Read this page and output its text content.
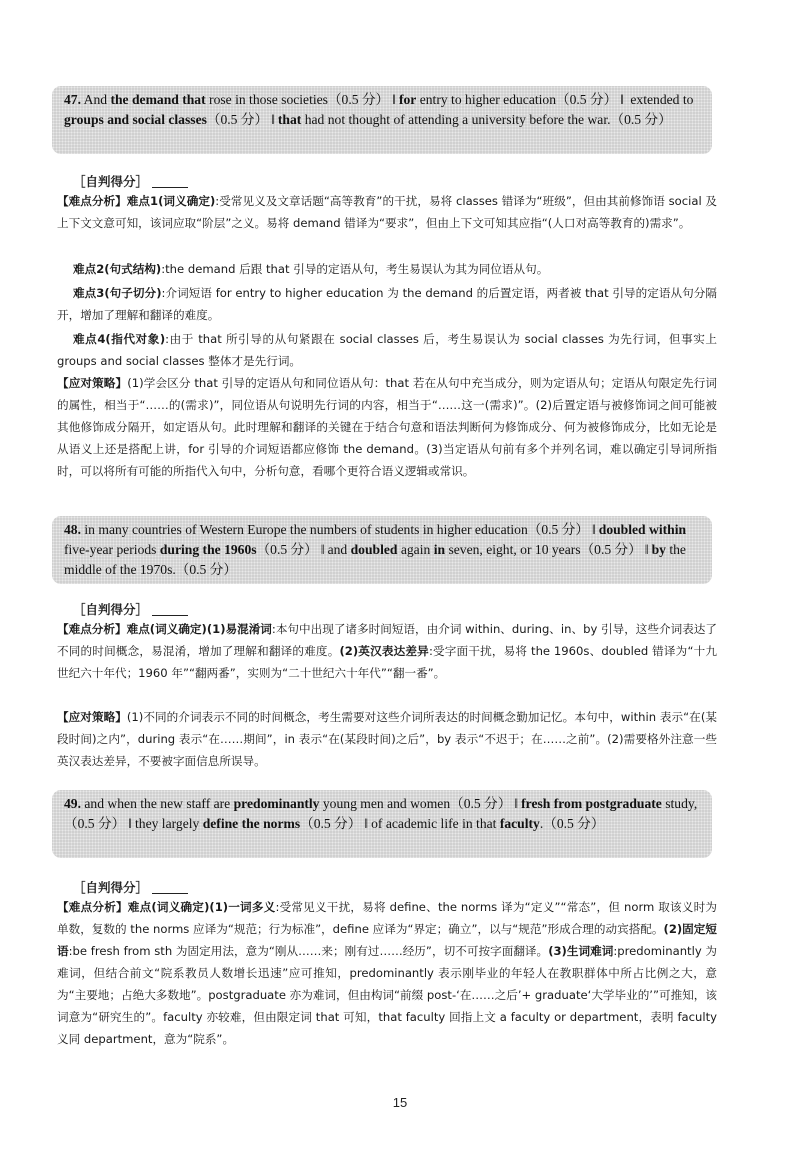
47. And the demand that rose in those societies（0.5 分） ‖ for entry to higher education（0.5 分） ‖ extended to groups and social classes（0.5 分） ‖ that had not thought of attending a university before the war.（0.5 分）
［自判得分］

【难点分析】难点1(词义确定):受常见义及文章话题“高等教育”的干扰，易将 classes 错译为“班级”，但由其前修饰语 social 及上下文文意可知，该词应取“阶层”之义。易将 demand 错译为“要求”，但由上下文可知其应指“(人口对高等教育的)需求”。

难点2(句式结构):the demand 后跟 that 引导的定语从句，考生易误认为其为同位语从句。

难点3(句子切分):介词短语 for entry to higher education 为 the demand 的后置定语，两者被 that 引导的定语从句分隔开，增加了理解和翻译的难度。

难点4(指代对象):由于 that 所引导的从句紧跟在 social classes 后，考生易误认为 social classes 为先行词，但事实上 groups and social classes 整体才是先行词。

【应对策略】(1)学会区分 that 引导的定语从句和同位语从句：that 若在从句中充当成分，则为定语从句；定语从句限定先行词的属性，相当于“……的(需求)”，同位语从句说明先行词的内容，相当于“……这一(需求)”。(2)后置定语与被修饰词之间可能被其他修饰成分隔开，如定语从句。此时理解和翻译的关键在于结合句意和语法判断何为修饰成分、何为被修饰成分，比如无论是从语义上还是搭配上讲，for 引导的介词短语都应修饰 the demand。(3)当定语从句前有多个并列名词，难以确定引导词所指时，可以将所有可能的所指代入句中，分析句意，看哪个更符合语义逻辑或常识。

48. in many countries of Western Europe the numbers of students in higher education（0.5 分） ‖ doubled within five-year periods during the 1960s（0.5 分） ‖ and doubled again in seven, eight, or 10 years（0.5 分） ‖ by the middle of the 1970s.（0.5 分）
［自判得分］

【难点分析】难点(词义确定)(1)易混淆词:本句中出现了诸多时间短语，由介词 within、during、in、by 引导，这些介词表达了不同的时间概念，易混淆，增加了理解和翻译的难度。(2)英汉表达差异:受字面干扰，易将 the 1960s、doubled 错译为“十九世纪六十年代；1960 年”“翻两番”，实则为“二十世纪六十年代”“翻一番”。

【应对策略】(1)不同的介词表示不同的时间概念，考生需要对这些介词所表达的时间概念勤加记忆。本句中，within 表示“在(某段时间)之内”，during 表示“在……期间”，in 表示“在(某段时间)之后”，by 表示“不迟于；在……之前”。(2)需要格外注意一些英汉表达差异，不要被字面信息所误导。

49. and when the new staff are predominantly young men and women（0.5 分） ‖ fresh from postgraduate study,（0.5 分） ‖ they largely define the norms（0.5 分） ‖ of academic life in that faculty.（0.5 分）
［自判得分］

【难点分析】难点(词义确定)(1)一词多义:受常见义干扰，易将 define、the norms 译为“定义”“常态”，但 norm 取该义时为单数，复数的 the norms 应译为“规范；行为标准”，define 应译为“界定；确立”，以与“规范”形成合理的动宾搭配。(2)固定短语:be fresh from sth 为固定用法，意为“刚从……来；刚有过……经历”，切不可按字面翻译。(3)生词难词:predominantly 为难词，但结合前文“院系教员人数增长迅速”应可推知，predominantly 表示刚毕业的年轻人在教职群体中所占比例之大，意为“主要地；占绝大多数地”。postgraduate 亦为难词，但由构词“前缀 post-‘在……之后’+ graduate‘大学毕业的’”可推知，该词意为“研究生的”。faculty 亦较难，但由限定词 that 可知，that faculty 回指上文 a faculty or department，表明 faculty 义同 department，意为“院系”。

15
